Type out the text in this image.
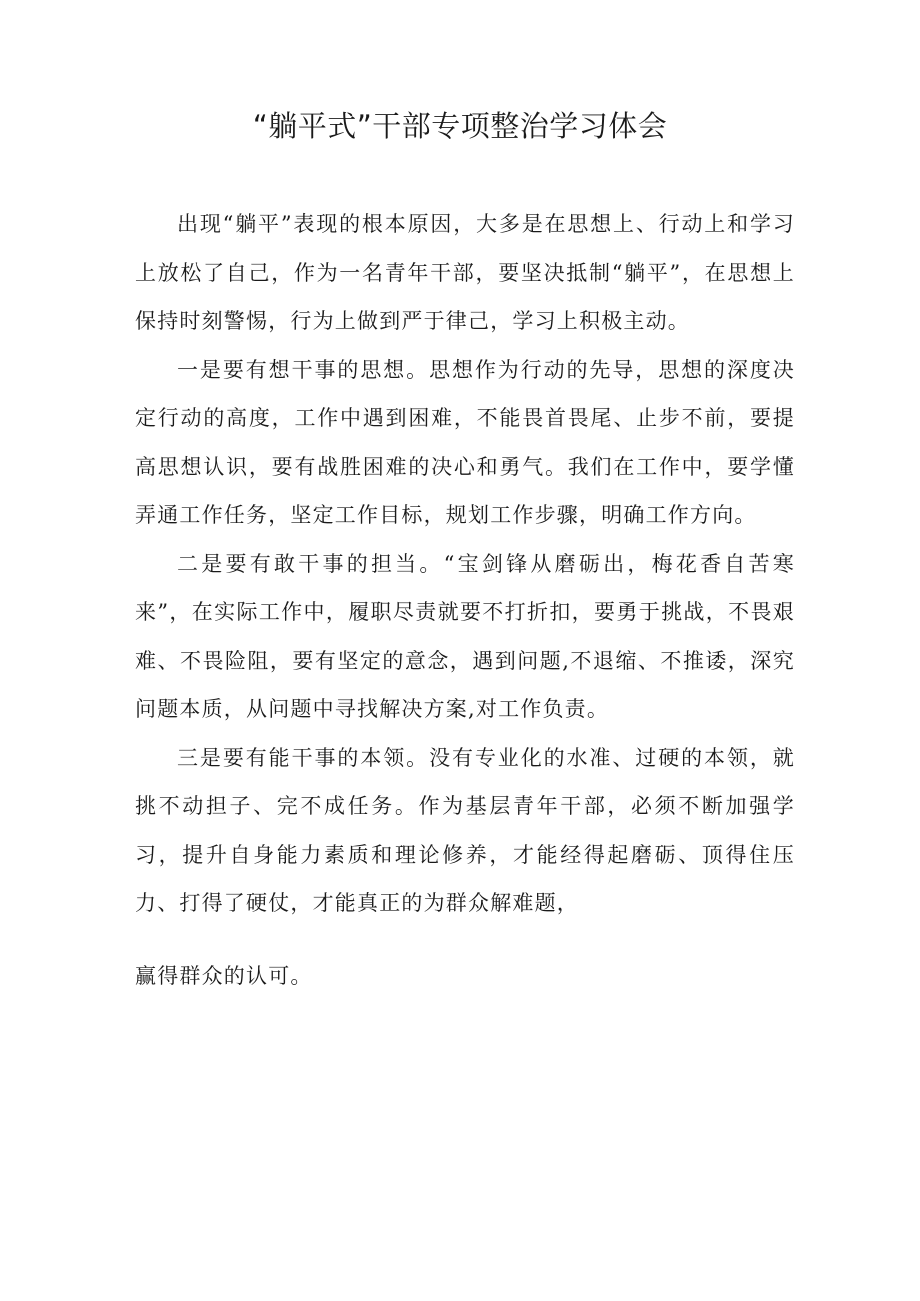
“躺平式”干部专项整治学习体会

出现“躺平”表现的根本原因，大多是在思想上、行动上和学习上放松了自己，作为一名青年干部，要坚决抵制“躺平”，在思想上保持时刻警惕，行为上做到严于律己，学习上积极主动。

一是要有想干事的思想。思想作为行动的先导，思想的深度决定行动的高度，工作中遇到困难，不能畏首畏尾、止步不前，要提高思想认识，要有战胜困难的决心和勇气。我们在工作中，要学懂弄通工作任务，坚定工作目标，规划工作步骤，明确工作方向。

二是要有敢干事的担当。“宝剑锋从磨砺出，梅花香自苦寒来”，在实际工作中，履职尽责就要不打折扣，要勇于挑战，不畏艰难、不畏险阻，要有坚定的意念，遇到问题,不退缩、不推诿，深究问题本质，从问题中寻找解决方案,对工作负责。

三是要有能干事的本领。没有专业化的水准、过硬的本领，就挑不动担子、完不成任务。作为基层青年干部，必须不断加强学习，提升自身能力素质和理论修养，才能经得起磨砺、顶得住压力、打得了硬仗，才能真正的为群众解难题，

赢得群众的认可。
